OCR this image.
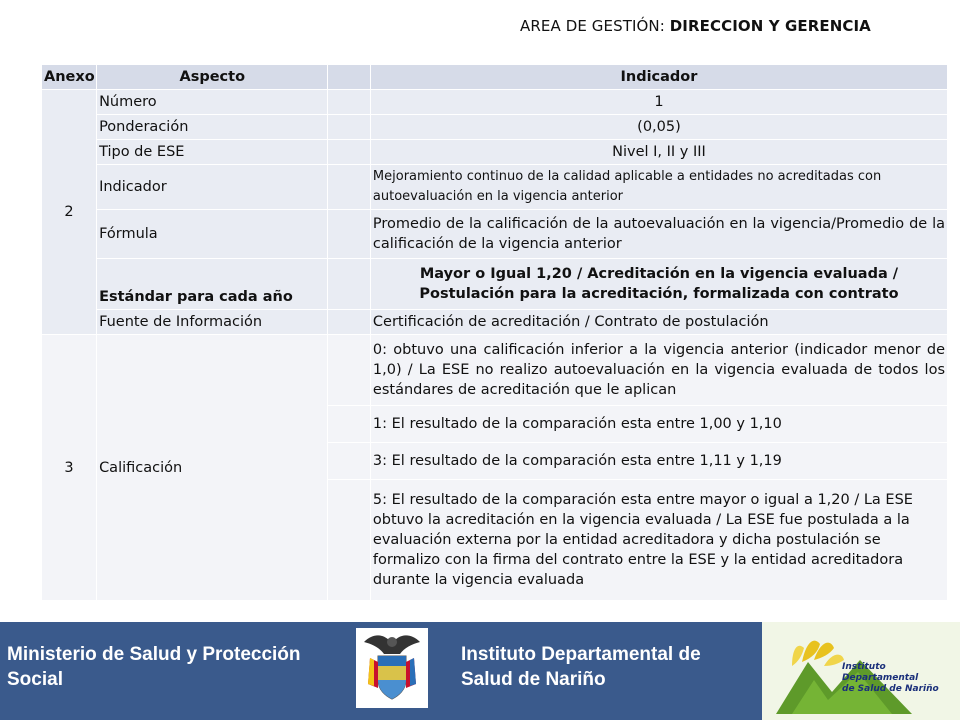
AREA DE GESTIÓN: DIRECCION Y GERENCIA
Anexo	Aspecto		Indicador
2	Número		1
	Ponderación		(0,05)
	Tipo de ESE		Nivel I, II y III
	Indicador		Mejoramiento continuo de la calidad aplicable a entidades no acreditadas con autoevaluación en la vigencia anterior
	Fórmula		Promedio de la calificación de la autoevaluación en la vigencia/Promedio de la calificación de la vigencia anterior
	Estándar para cada año		Mayor o Igual 1,20 / Acreditación en la vigencia evaluada / Postulación para la acreditación, formalizada con contrato
	Fuente de Información		Certificación de acreditación / Contrato de postulación
3	Calificación		0: obtuvo una calificación inferior a la vigencia anterior (indicador menor de 1,0) / La ESE no realizo autoevaluación en la vigencia evaluada de todos los estándares de acreditación que le aplican
			1: El resultado de la comparación esta entre 1,00 y 1,10
			3: El resultado de la comparación esta entre 1,11 y 1,19
			5: El resultado de la comparación esta entre mayor o igual a 1,20 / La ESE obtuvo la acreditación en la vigencia evaluada / La ESE fue postulada a la evaluación externa por la entidad acreditadora y dicha postulación se formalizo con la firma del contrato entre la ESE y la entidad acreditadora durante la vigencia evaluada
Ministerio de Salud y Protección Social
Instituto Departamental de Salud de Nariño
Instituto
Departamental
de Salud de Nariño
